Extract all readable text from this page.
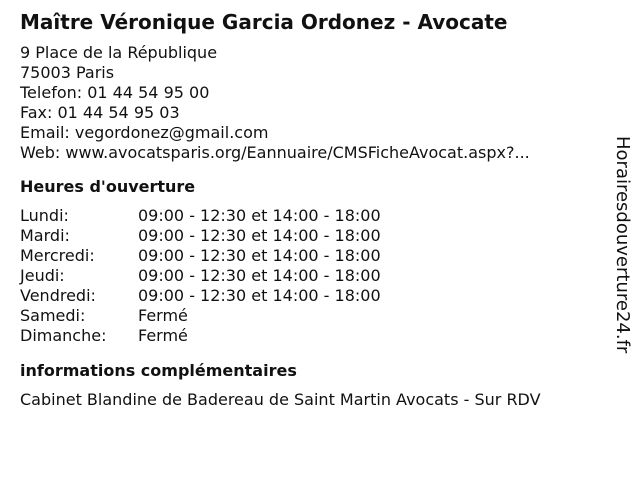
Maître Véronique Garcia Ordonez - Avocate
9 Place de la République
75003 Paris
Telefon: 01 44 54 95 00
Fax: 01 44 54 95 03
Email: vegordonez@gmail.com
Web: www.avocatsparis.org/Eannuaire/CMSFicheAvocat.aspx?...
Heures d'ouverture
Lundi:	09:00 - 12:30 et 14:00 - 18:00
Mardi:	09:00 - 12:30 et 14:00 - 18:00
Mercredi:	09:00 - 12:30 et 14:00 - 18:00
Jeudi:	09:00 - 12:30 et 14:00 - 18:00
Vendredi:	09:00 - 12:30 et 14:00 - 18:00
Samedi:	Fermé
Dimanche:	Fermé
informations complémentaires
Cabinet Blandine de Badereau de Saint Martin Avocats - Sur RDV
Horairesdouverture24.fr
